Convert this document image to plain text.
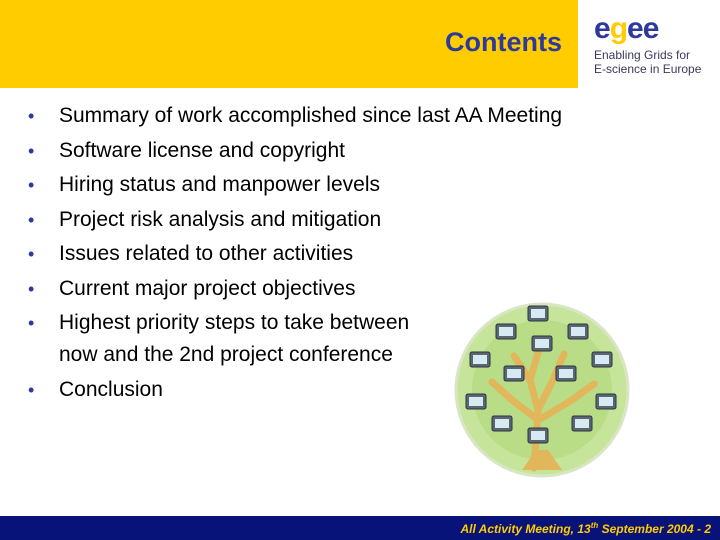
Contents egee
Enabling Grids for
E-science in Europe
• Summary of work accomplished since last AA Meeting
• Software license and copyright
• Hiring status and manpower levels
• Project risk analysis and mitigation
• Issues related to other activities
• Current major project objectives
• Highest priority steps to take between
now and the 2nd project conference
• Conclusion
All Activity Meeting, 13th September 2004 - 2
